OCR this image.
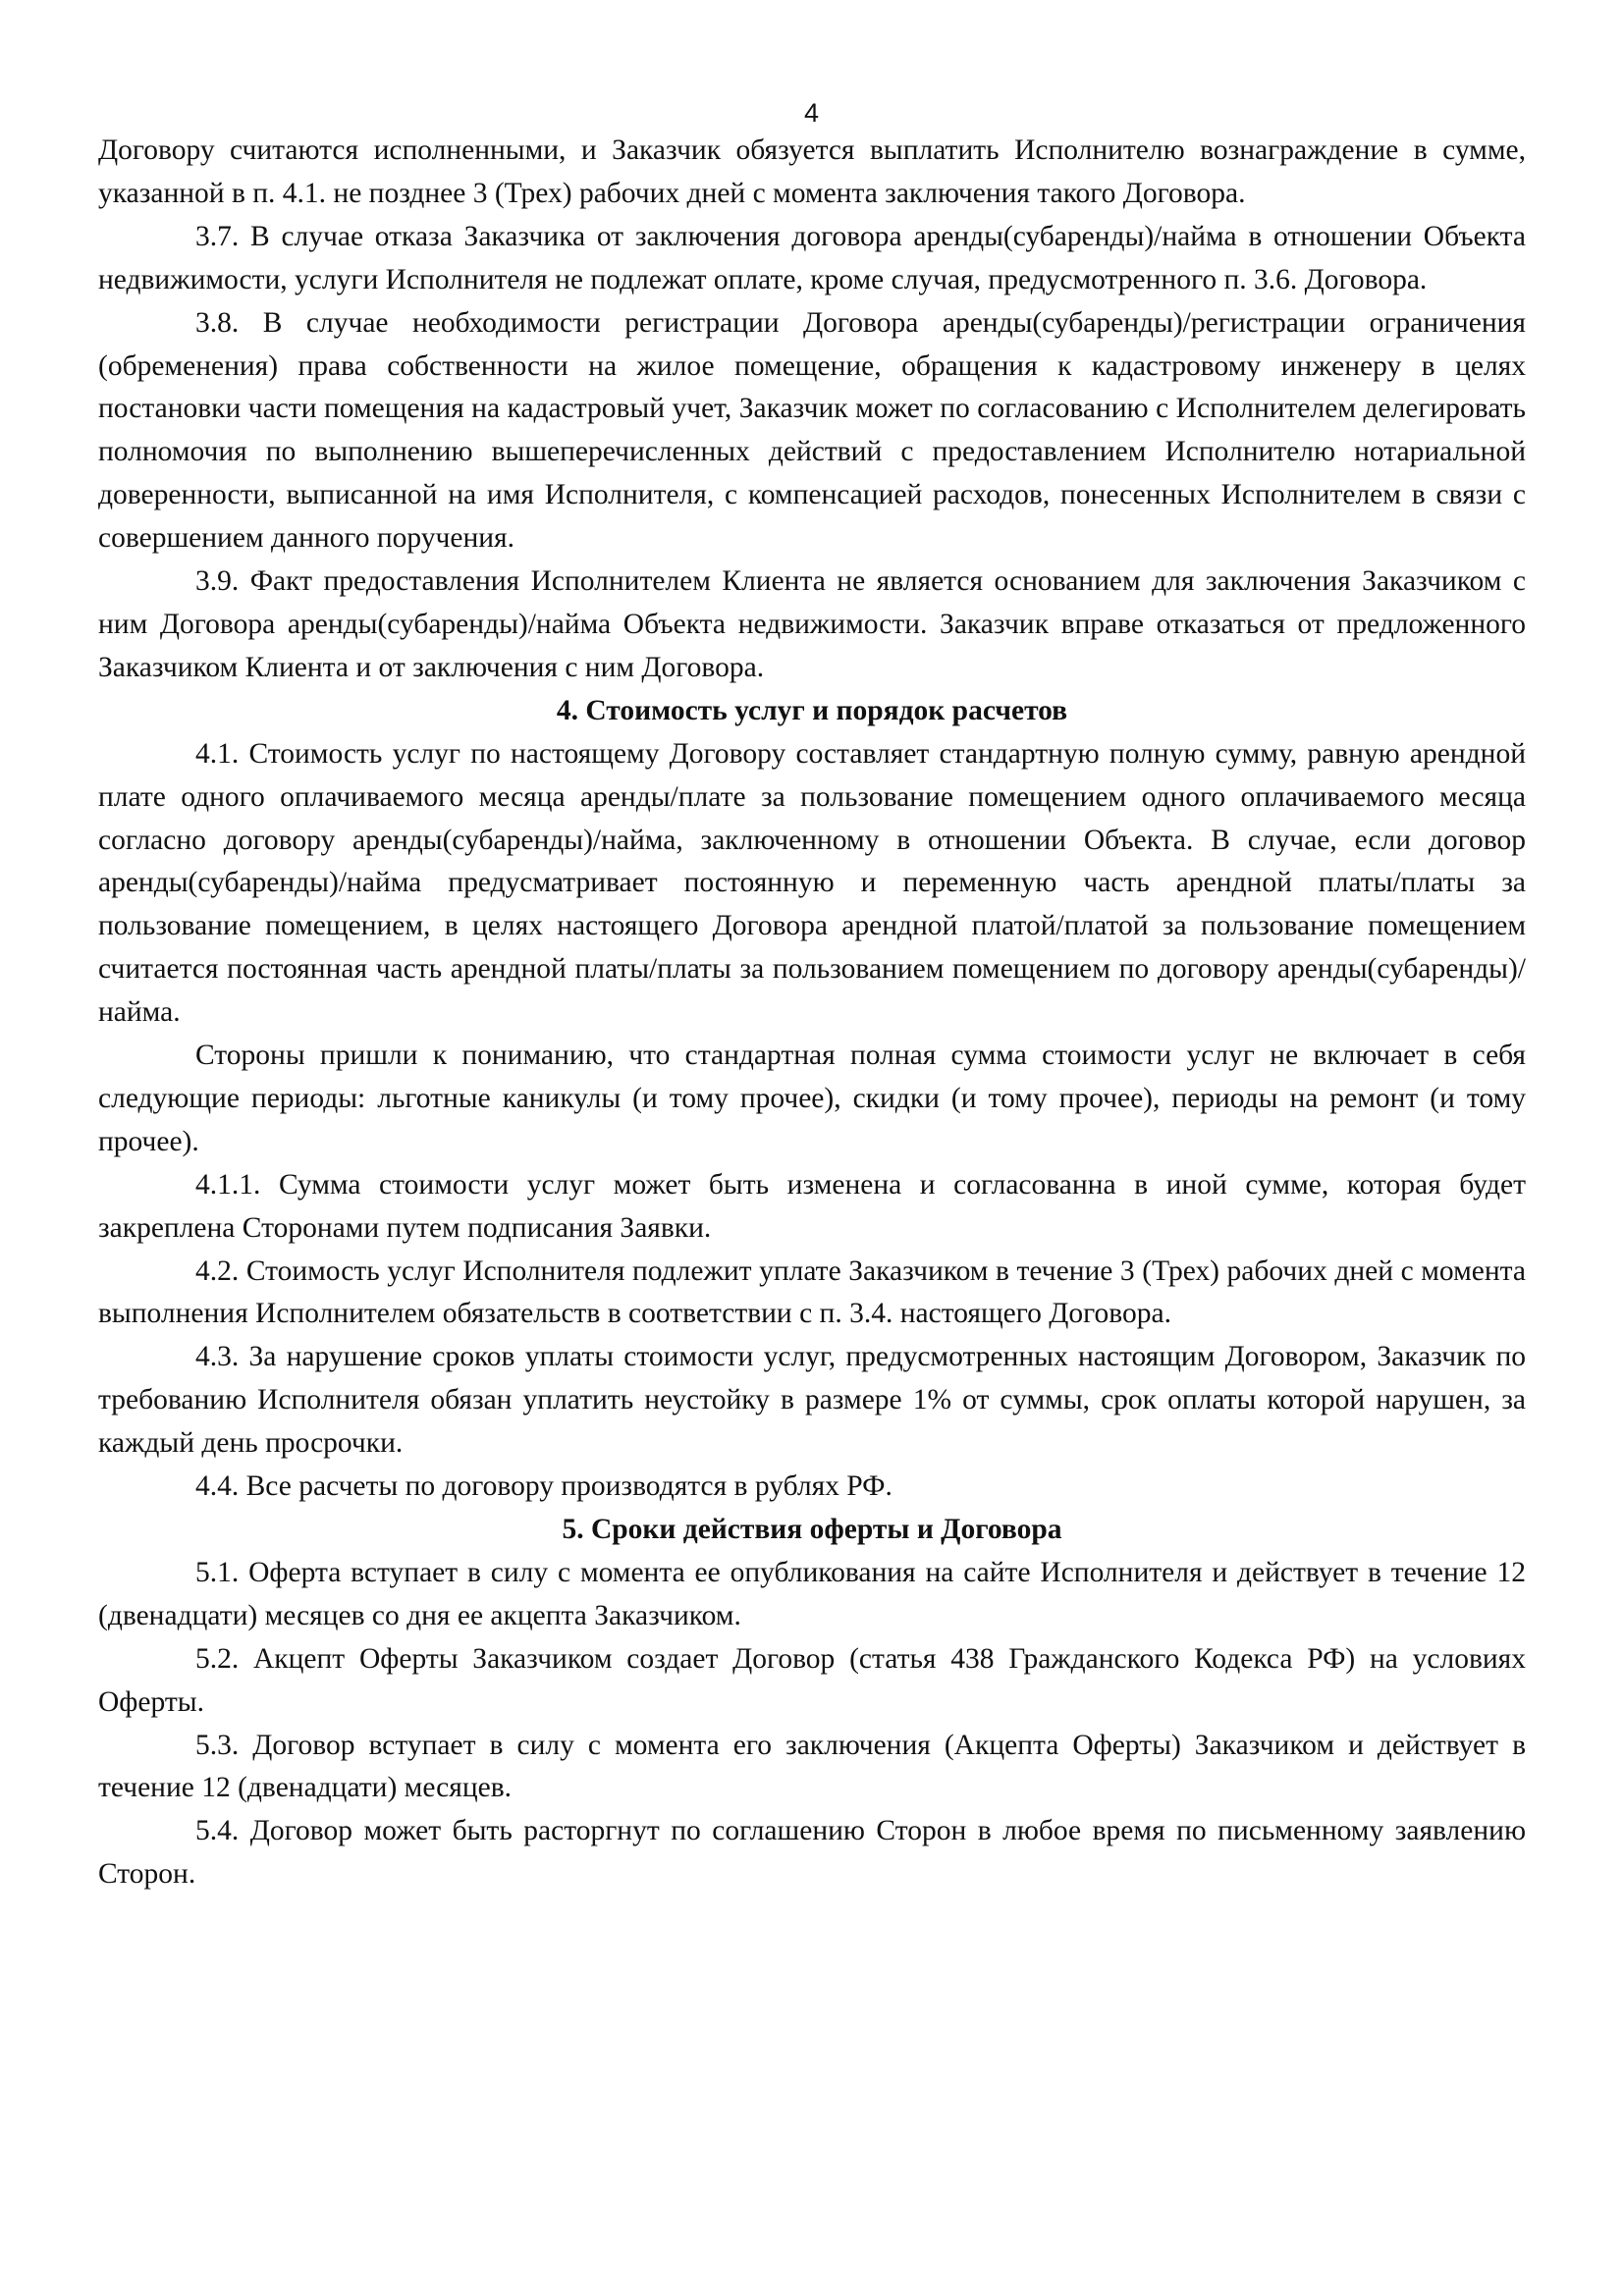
4

Договору считаются исполненными, и Заказчик обязуется выплатить Исполнителю вознаграждение в сумме, указанной в п. 4.1. не позднее 3 (Трех) рабочих дней с момента заключения такого Договора.

3.7. В случае отказа Заказчика от заключения договора аренды(субаренды)/найма в отношении Объекта недвижимости, услуги Исполнителя не подлежат оплате, кроме случая, предусмотренного п. 3.6. Договора.

3.8. В случае необходимости регистрации Договора аренды(субаренды)/регистрации ограничения (обременения) права собственности на жилое помещение, обращения к кадастровому инженеру в целях постановки части помещения на кадастровый учет, Заказчик может по согласованию с Исполнителем делегировать полномочия по выполнению вышеперечисленных действий с предоставлением Исполнителю нотариальной доверенности, выписанной на имя Исполнителя, с компенсацией расходов, понесенных Исполнителем в связи с совершением данного поручения.

3.9. Факт предоставления Исполнителем Клиента не является основанием для заключения Заказчиком с ним Договора аренды(субаренды)/найма Объекта недвижимости. Заказчик вправе отказаться от предложенного Заказчиком Клиента и от заключения с ним Договора.

4. Стоимость услуг и порядок расчетов

4.1. Стоимость услуг по настоящему Договору составляет стандартную полную сумму, равную арендной плате одного оплачиваемого месяца аренды/плате за пользование помещением одного оплачиваемого месяца согласно договору аренды(субаренды)/найма, заключенному в отношении Объекта. В случае, если договор аренды(субаренды)/найма предусматривает постоянную и переменную часть арендной платы/платы за пользование помещением, в целях настоящего Договора арендной платой/платой за пользование помещением считается постоянная часть арендной платы/платы за пользованием помещением по договору аренды(субаренды)/найма.

Стороны пришли к пониманию, что стандартная полная сумма стоимости услуг не включает в себя следующие периоды: льготные каникулы (и тому прочее), скидки (и тому прочее), периоды на ремонт (и тому прочее).

4.1.1. Сумма стоимости услуг может быть изменена и согласованна в иной сумме, которая будет закреплена Сторонами путем подписания Заявки.

4.2. Стоимость услуг Исполнителя подлежит уплате Заказчиком в течение 3 (Трех) рабочих дней с момента выполнения Исполнителем обязательств в соответствии с п. 3.4. настоящего Договора.

4.3. За нарушение сроков уплаты стоимости услуг, предусмотренных настоящим Договором, Заказчик по требованию Исполнителя обязан уплатить неустойку в размере 1% от суммы, срок оплаты которой нарушен, за каждый день просрочки.

4.4. Все расчеты по договору производятся в рублях РФ.

5. Сроки действия оферты и Договора

5.1. Оферта вступает в силу с момента ее опубликования на сайте Исполнителя и действует в течение 12 (двенадцати) месяцев со дня ее акцепта Заказчиком.

5.2. Акцепт Оферты Заказчиком создает Договор (статья 438 Гражданского Кодекса РФ) на условиях Оферты.

5.3. Договор вступает в силу с момента его заключения (Акцепта Оферты) Заказчиком и действует в течение 12 (двенадцати) месяцев.

5.4. Договор может быть расторгнут по соглашению Сторон в любое время по письменному заявлению Сторон.
